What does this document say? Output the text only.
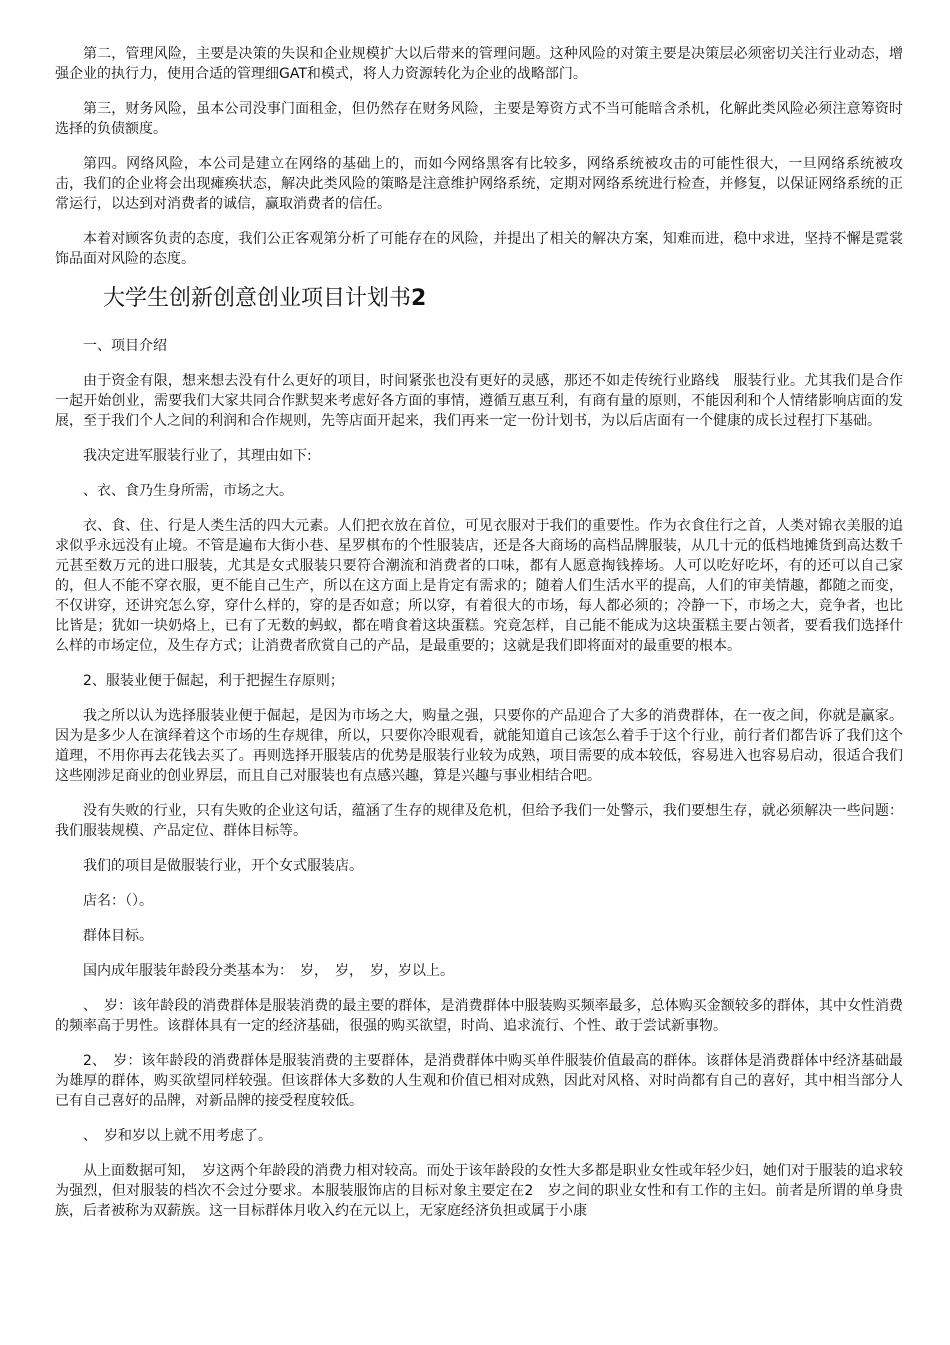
第二，管理风险，主要是决策的失误和企业规模扩大以后带来的管理问题。这种风险的对策主要是决策层必须密切关注行业动态，增强企业的执行力，使用合适的管理细GAT和模式，将人力资源转化为企业的战略部门。

第三，财务风险，虽本公司没事门面租金，但仍然存在财务风险，主要是筹资方式不当可能暗含杀机，化解此类风险必须注意筹资时选择的负债额度。

第四。网络风险，本公司是建立在网络的基础上的，而如今网络黑客有比较多，网络系统被攻击的可能性很大，一旦网络系统被攻击，我们的企业将会出现瘫痪状态，解决此类风险的策略是注意维护网络系统，定期对网络系统进行检查，并修复，以保证网络系统的正常运行，以达到对消费者的诚信，赢取消费者的信任。

本着对顾客负责的态度，我们公正客观第分析了可能存在的风险，并提出了相关的解决方案，知难而进，稳中求进，坚持不懈是霓裳饰品面对风险的态度。

大学生创新创意创业项目计划书2

一、项目介绍

由于资金有限，想来想去没有什么更好的项目，时间紧张也没有更好的灵感，那还不如走传统行业路线　服装行业。尤其我们是合作一起开始创业，需要我们大家共同合作默契来考虑好各方面的事情，遵循互惠互利，有商有量的原则，不能因利和个人情绪影响店面的发展，至于我们个人之间的利润和合作规则，先等店面开起来，我们再来一定一份计划书，为以后店面有一个健康的成长过程打下基础。

我决定进军服装行业了，其理由如下:

、衣、食乃生身所需，市场之大。

衣、食、住、行是人类生活的四大元素。人们把衣放在首位，可见衣服对于我们的重要性。作为衣食住行之首，人类对锦衣美服的追求似乎永远没有止境。不管是遍布大街小巷、星罗棋布的个性服装店，还是各大商场的高档品牌服装，从几十元的低档地摊货到高达数千元甚至数万元的进口服装，尤其是女式服装只要符合潮流和消费者的口味，都有人愿意掏钱捧场。人可以吃好吃坏，有的还可以自己家的，但人不能不穿衣服，更不能自己生产，所以在这方面上是肯定有需求的；随着人们生活水平的提高，人们的审美情趣，都随之而变，不仅讲穿，还讲究怎么穿，穿什么样的，穿的是否如意；所以穿，有着很大的市场，每人都必须的；冷静一下，市场之大，竞争者，也比比皆是；犹如一块奶烙上，已有了无数的蚂蚁，都在啃食着这块蛋糕。究竟怎样，自己能不能成为这块蛋糕主要占领者，要看我们选择什么样的市场定位，及生存方式；让消费者欣赏自己的产品，是最重要的；这就是我们即将面对的最重要的根本。

2、服装业便于倔起，利于把握生存原则；

我之所以认为选择服装业便于倔起，是因为市场之大，购量之强，只要你的产品迎合了大多的消费群体，在一夜之间，你就是赢家。因为是多少人在演绎着这个市场的生存规律，所以，只要你冷眼观看，就能知道自己该怎么着手于这个行业，前行者们都告诉了我们这个道理，不用你再去花钱去买了。再则选择开服装店的优势是服装行业较为成熟，项目需要的成本较低，容易进入也容易启动，很适合我们这些刚涉足商业的创业界层，而且自己对服装也有点感兴趣，算是兴趣与事业相结合吧。

没有失败的行业，只有失败的企业这句话，蕴涵了生存的规律及危机，但给予我们一处警示，我们要想生存，就必须解决一些问题：我们服装规模、产品定位、群体目标等。

我们的项目是做服装行业，开个女式服装店。

店名：（）。

群体目标。

国内成年服装年龄段分类基本为：　岁，　岁，　岁，岁以上。

、　岁：该年龄段的消费群体是服装消费的最主要的群体，是消费群体中服装购买频率最多，总体购买金额较多的群体，其中女性消费的频率高于男性。该群体具有一定的经济基础，很强的购买欲望，时尚、追求流行、个性、敢于尝试新事物。

2、　岁：该年龄段的消费群体是服装消费的主要群体，是消费群体中购买单件服装价值最高的群体。该群体是消费群体中经济基础最为雄厚的群体，购买欲望同样较强。但该群体大多数的人生观和价值已相对成熟，因此对风格、对时尚都有自己的喜好，其中相当部分人已有自己喜好的品牌，对新品牌的接受程度较低。

、　岁和岁以上就不用考虑了。

从上面数据可知，　岁这两个年龄段的消费力相对较高。而处于该年龄段的女性大多都是职业女性或年轻少妇，她们对于服装的追求较为强烈，但对服装的档次不会过分要求。本服装服饰店的目标对象主要定在2　岁之间的职业女性和有工作的主妇。前者是所谓的单身贵族，后者被称为双薪族。这一目标群体月收入约在元以上，无家庭经济负担或属于小康
